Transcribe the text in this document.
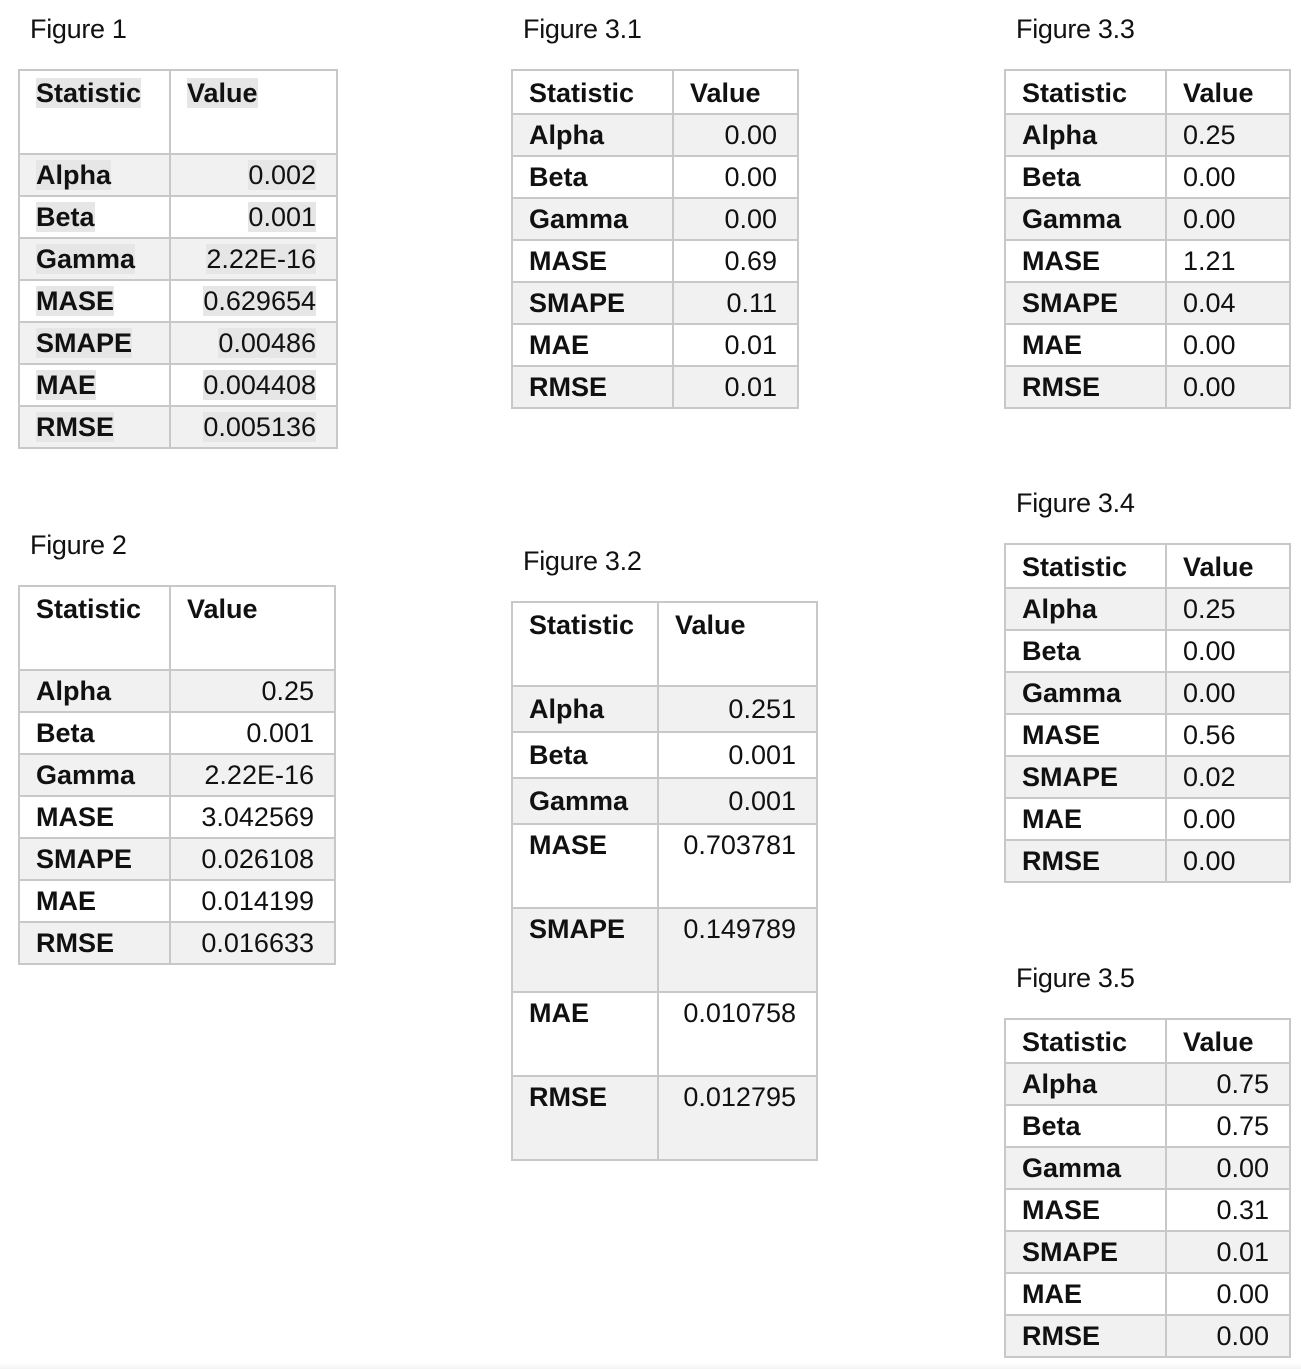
Figure 1
Statistic	Value
Alpha	0.002
Beta	0.001
Gamma	2.22E-16
MASE	0.629654
SMAPE	0.00486
MAE	0.004408
RMSE	0.005136
Figure 2
Statistic	Value
Alpha	0.25
Beta	0.001
Gamma	2.22E-16
MASE	3.042569
SMAPE	0.026108
MAE	0.014199
RMSE	0.016633
Figure 3.1
Statistic	Value
Alpha	0.00
Beta	0.00
Gamma	0.00
MASE	0.69
SMAPE	0.11
MAE	0.01
RMSE	0.01
Figure 3.2
Statistic	Value
Alpha	0.251
Beta	0.001
Gamma	0.001
MASE	0.703781
SMAPE	0.149789
MAE	0.010758
RMSE	0.012795
Figure 3.3
Statistic	Value
Alpha	0.25
Beta	0.00
Gamma	0.00
MASE	1.21
SMAPE	0.04
MAE	0.00
RMSE	0.00
Figure 3.4
Statistic	Value
Alpha	0.25
Beta	0.00
Gamma	0.00
MASE	0.56
SMAPE	0.02
MAE	0.00
RMSE	0.00
Figure 3.5
Statistic	Value
Alpha	0.75
Beta	0.75
Gamma	0.00
MASE	0.31
SMAPE	0.01
MAE	0.00
RMSE	0.00
